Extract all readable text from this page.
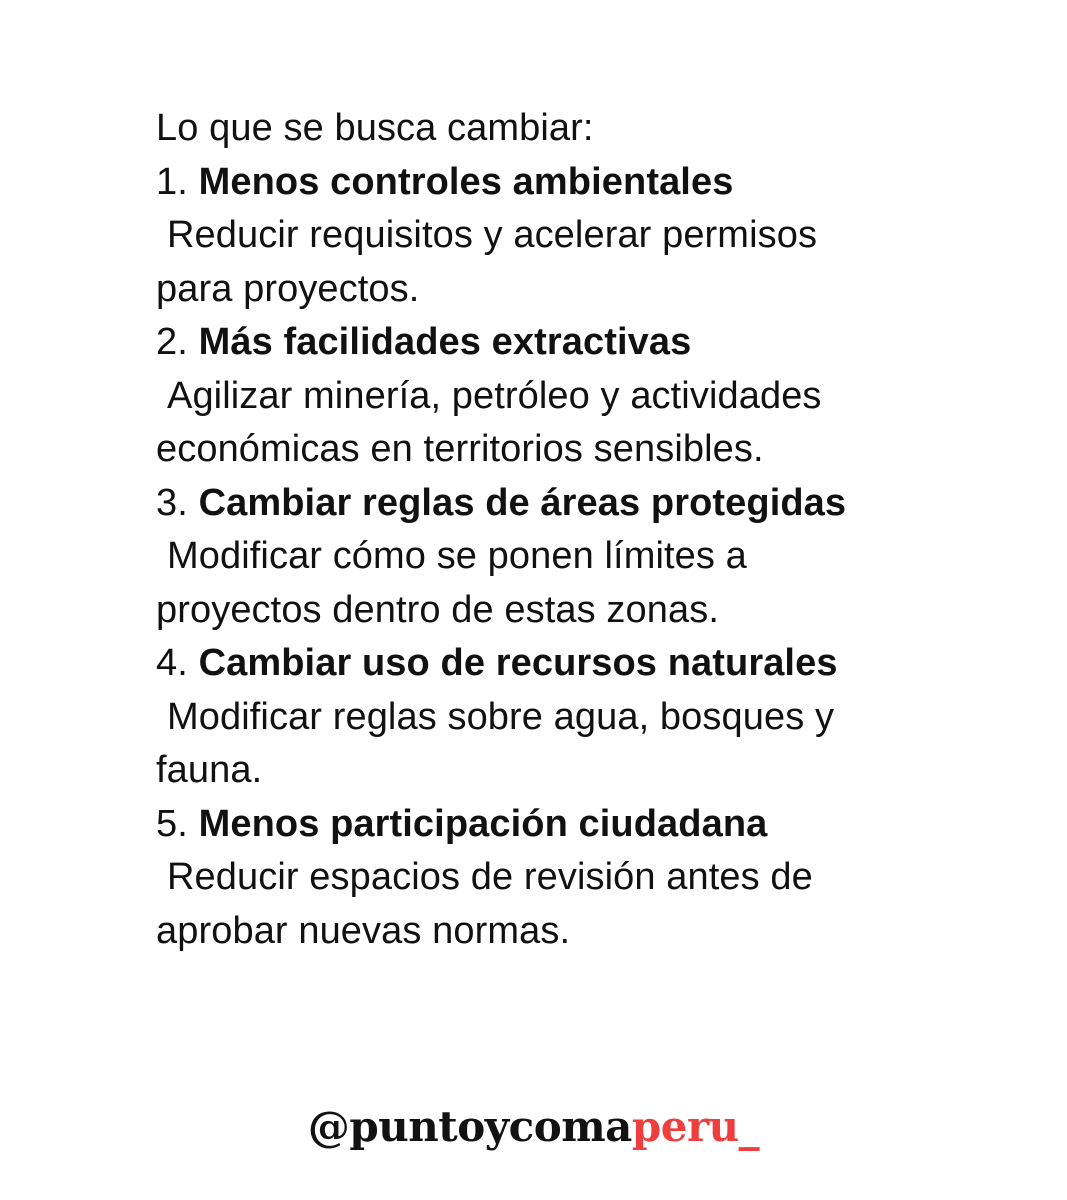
Lo que se busca cambiar:
1. Menos controles ambientales
Reducir requisitos y acelerar permisos
para proyectos.
2. Más facilidades extractivas
Agilizar minería, petróleo y actividades
económicas en territorios sensibles.
3. Cambiar reglas de áreas protegidas
Modificar cómo se ponen límites a
proyectos dentro de estas zonas.
4. Cambiar uso de recursos naturales
Modificar reglas sobre agua, bosques y
fauna.
5. Menos participación ciudadana
Reducir espacios de revisión antes de
aprobar nuevas normas.
@puntoycomaperu_
